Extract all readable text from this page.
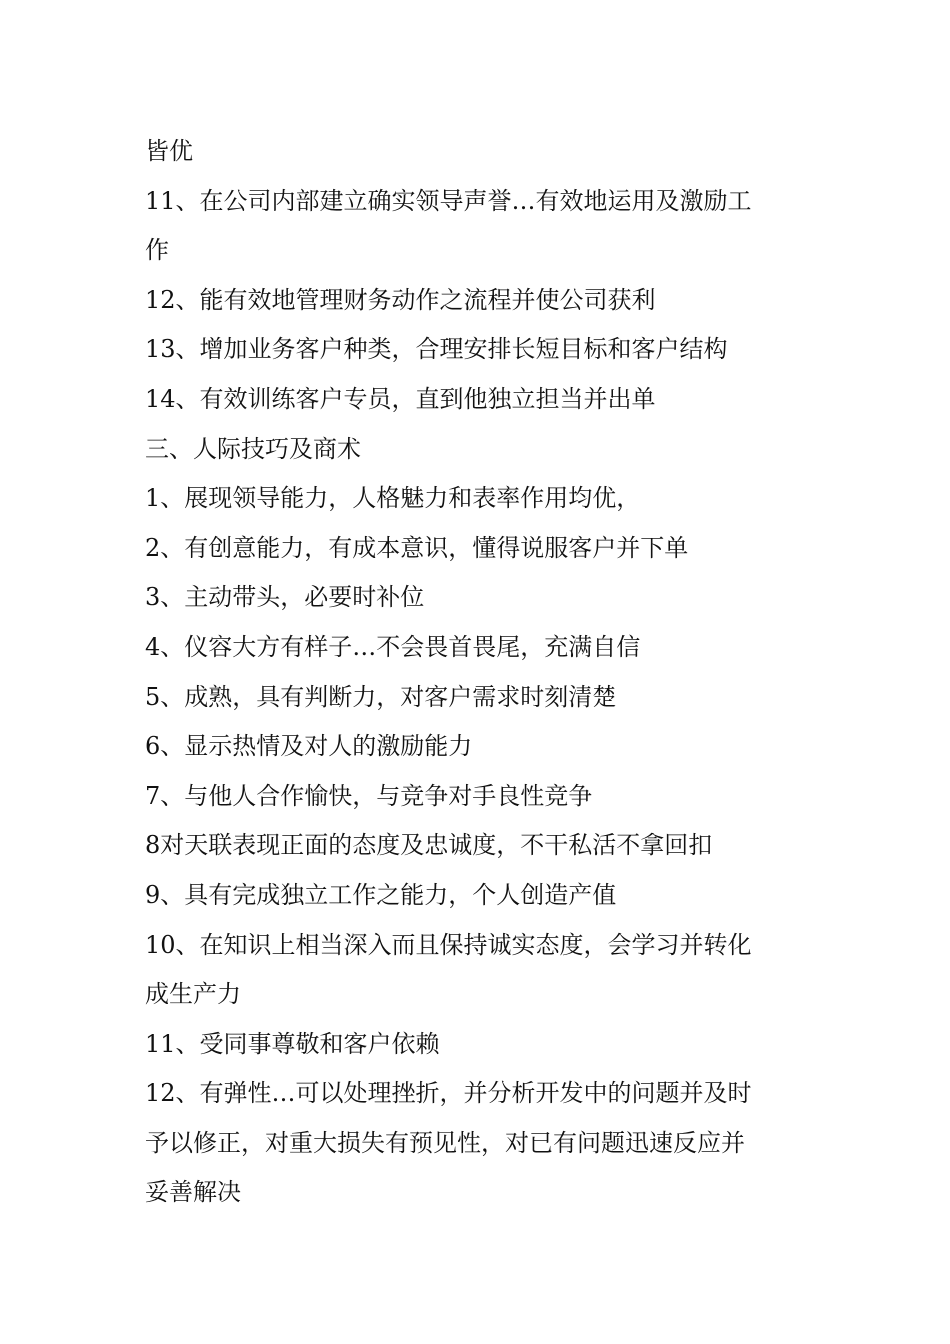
皆优
11、在公司内部建立确实领导声誉…有效地运用及激励工
作
12、能有效地管理财务动作之流程并使公司获利
13、增加业务客户种类，合理安排长短目标和客户结构
14、有效训练客户专员，直到他独立担当并出单
三、人际技巧及商术
1、展现领导能力，人格魅力和表率作用均优，
2、有创意能力，有成本意识，懂得说服客户并下单
3、主动带头，必要时补位
4、仪容大方有样子…不会畏首畏尾，充满自信
5、成熟，具有判断力，对客户需求时刻清楚
6、显示热情及对人的激励能力
7、与他人合作愉快，与竞争对手良性竞争
8对天联表现正面的态度及忠诚度，不干私活不拿回扣
9、具有完成独立工作之能力，个人创造产值
10、在知识上相当深入而且保持诚实态度，会学习并转化
成生产力
11、受同事尊敬和客户依赖
12、有弹性…可以处理挫折，并分析开发中的问题并及时
予以修正，对重大损失有预见性，对已有问题迅速反应并
妥善解决
